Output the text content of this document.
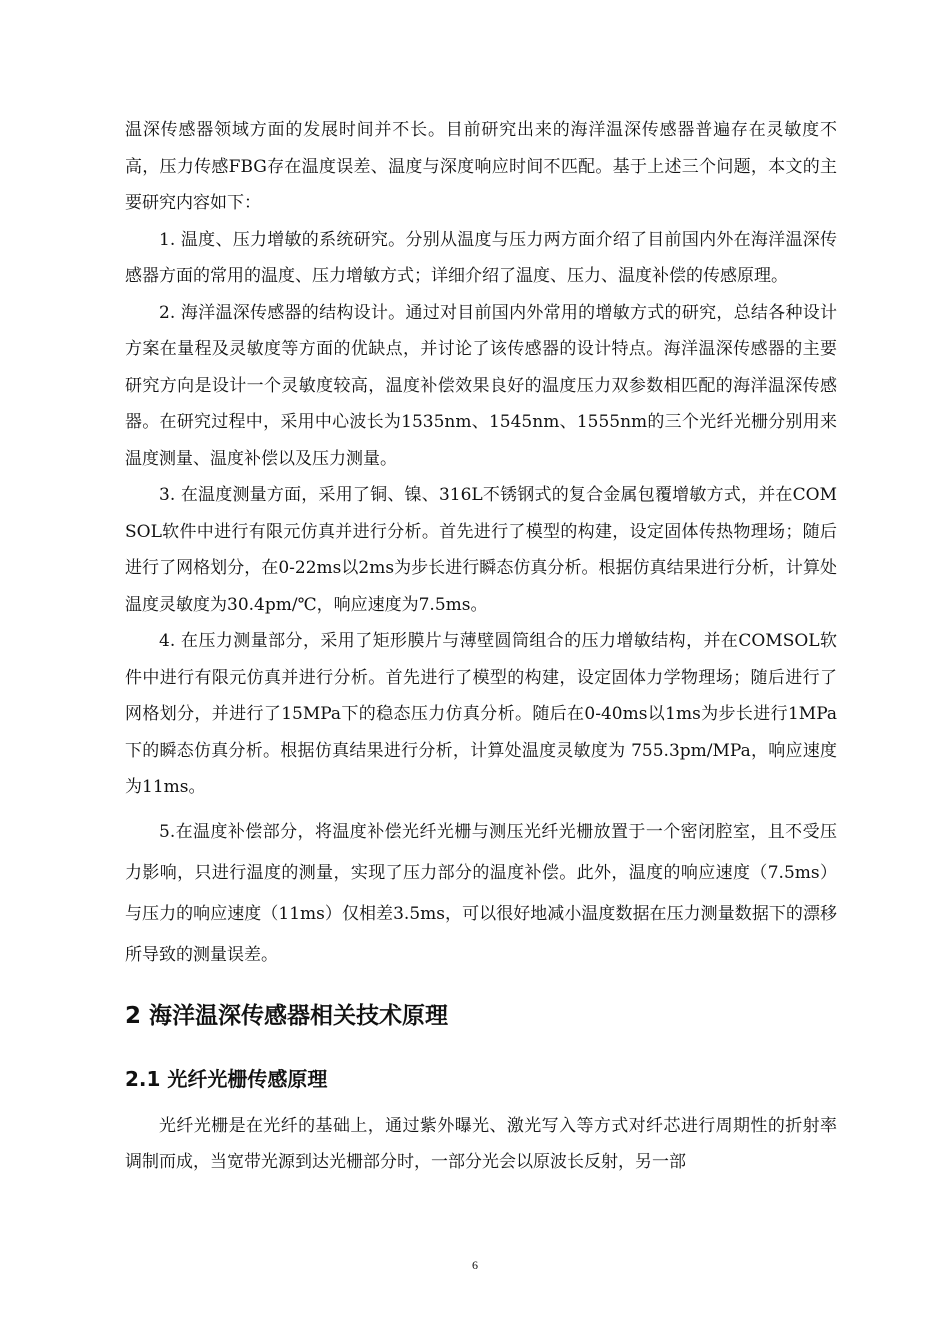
温深传感器领域方面的发展时间并不长。目前研究出来的海洋温深传感器普遍存在灵敏度不高，压力传感FBG存在温度误差、温度与深度响应时间不匹配。基于上述三个问题，本文的主要研究内容如下：

1. 温度、压力增敏的系统研究。分别从温度与压力两方面介绍了目前国内外在海洋温深传感器方面的常用的温度、压力增敏方式；详细介绍了温度、压力、温度补偿的传感原理。

2. 海洋温深传感器的结构设计。通过对目前国内外常用的增敏方式的研究，总结各种设计方案在量程及灵敏度等方面的优缺点，并讨论了该传感器的设计特点。海洋温深传感器的主要研究方向是设计一个灵敏度较高，温度补偿效果良好的温度压力双参数相匹配的海洋温深传感器。在研究过程中，采用中心波长为1535nm、1545nm、1555nm的三个光纤光栅分别用来温度测量、温度补偿以及压力测量。

3. 在温度测量方面，采用了铜、镍、316L不锈钢式的复合金属包覆增敏方式，并在COMSOL软件中进行有限元仿真并进行分析。首先进行了模型的构建，设定固体传热物理场；随后进行了网格划分，在0-22ms以2ms为步长进行瞬态仿真分析。根据仿真结果进行分析，计算处温度灵敏度为30.4pm/℃，响应速度为7.5ms。

4. 在压力测量部分，采用了矩形膜片与薄壁圆筒组合的压力增敏结构，并在COMSOL软件中进行有限元仿真并进行分析。首先进行了模型的构建，设定固体力学物理场；随后进行了网格划分，并进行了15MPa下的稳态压力仿真分析。随后在0-40ms以1ms为步长进行1MPa下的瞬态仿真分析。根据仿真结果进行分析，计算处温度灵敏度为 755.3pm/MPa，响应速度为11ms。

5.在温度补偿部分，将温度补偿光纤光栅与测压光纤光栅放置于一个密闭腔室，且不受压力影响，只进行温度的测量，实现了压力部分的温度补偿。此外，温度的响应速度（7.5ms）与压力的响应速度（11ms）仅相差3.5ms，可以很好地减小温度数据在压力测量数据下的漂移所导致的测量误差。

2 海洋温深传感器相关技术原理
2.1 光纤光栅传感原理

光纤光栅是在光纤的基础上，通过紫外曝光、激光写入等方式对纤芯进行周期性的折射率调制而成，当宽带光源到达光栅部分时，一部分光会以原波长反射，另一部

6
